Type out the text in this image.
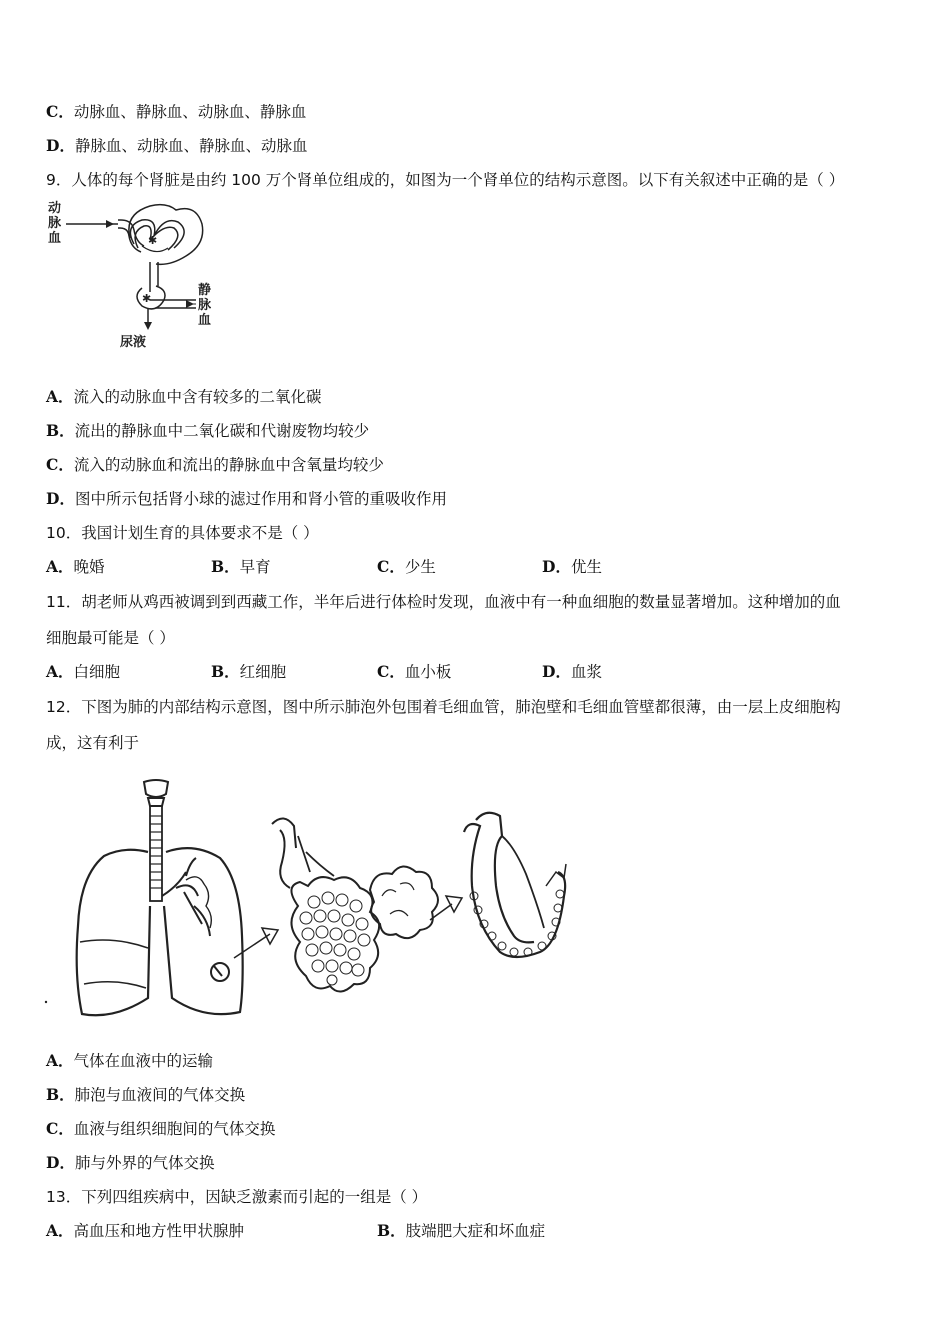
C．动脉血、静脉血、动脉血、静脉血
D．静脉血、动脉血、静脉血、动脉血
9．人体的每个肾脏是由约 100 万个肾单位组成的，如图为一个肾单位的结构示意图。以下有关叙述中正确的是（ ）
动
脉
血	✱
✱
静
脉
血
尿液
A．流入的动脉血中含有较多的二氧化碳
B．流出的静脉血中二氧化碳和代谢废物均较少
C．流入的动脉血和流出的静脉血中含氧量均较少
D．图中所示包括肾小球的滤过作用和肾小管的重吸收作用
10．我国计划生育的具体要求不是（ ）
A．晚婚	B．早育	C．少生	D．优生
11．胡老师从鸡西被调到到西藏工作，半年后进行体检时发现，血液中有一种血细胞的数量显著增加。这种增加的血
细胞最可能是（ ）
A．白细胞	B．红细胞	C．血小板	D．血浆
12．下图为肺的内部结构示意图，图中所示肺泡外包围着毛细血管，肺泡壁和毛细血管壁都很薄，由一层上皮细胞构
成，这有利于
A．气体在血液中的运输
B．肺泡与血液间的气体交换
C．血液与组织细胞间的气体交换
D．肺与外界的气体交换
13．下列四组疾病中，因缺乏激素而引起的一组是（ ）
A．高血压和地方性甲状腺肿	B．肢端肥大症和坏血症
